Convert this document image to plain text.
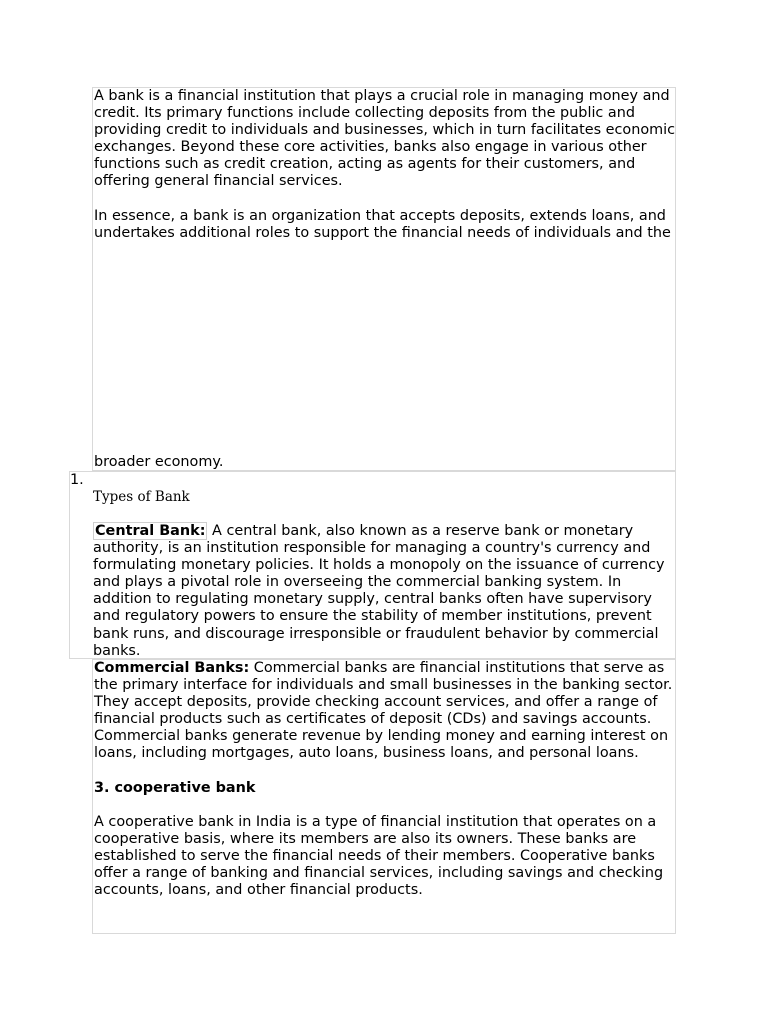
A bank is a financial institution that plays a crucial role in managing money and credit. Its primary functions include collecting deposits from the public and providing credit to individuals and businesses, which in turn facilitates economic exchanges. Beyond these core activities, banks also engage in various other functions such as credit creation, acting as agents for their customers, and offering general financial services.

In essence, a bank is an organization that accepts deposits, extends loans, and undertakes additional roles to support the financial needs of individuals and the

broader economy.

1.

Types of Bank

Central Bank: A central bank, also known as a reserve bank or monetary authority, is an institution responsible for managing a country's currency and formulating monetary policies. It holds a monopoly on the issuance of currency and plays a pivotal role in overseeing the commercial banking system. In addition to regulating monetary supply, central banks often have supervisory and regulatory powers to ensure the stability of member institutions, prevent bank runs, and discourage irresponsible or fraudulent behavior by commercial banks.

Commercial Banks: Commercial banks are financial institutions that serve as the primary interface for individuals and small businesses in the banking sector. They accept deposits, provide checking account services, and offer a range of financial products such as certificates of deposit (CDs) and savings accounts. Commercial banks generate revenue by lending money and earning interest on loans, including mortgages, auto loans, business loans, and personal loans.

3. cooperative bank

A cooperative bank in India is a type of financial institution that operates on a cooperative basis, where its members are also its owners. These banks are established to serve the financial needs of their members. Cooperative banks offer a range of banking and financial services, including savings and checking accounts, loans, and other financial products.
